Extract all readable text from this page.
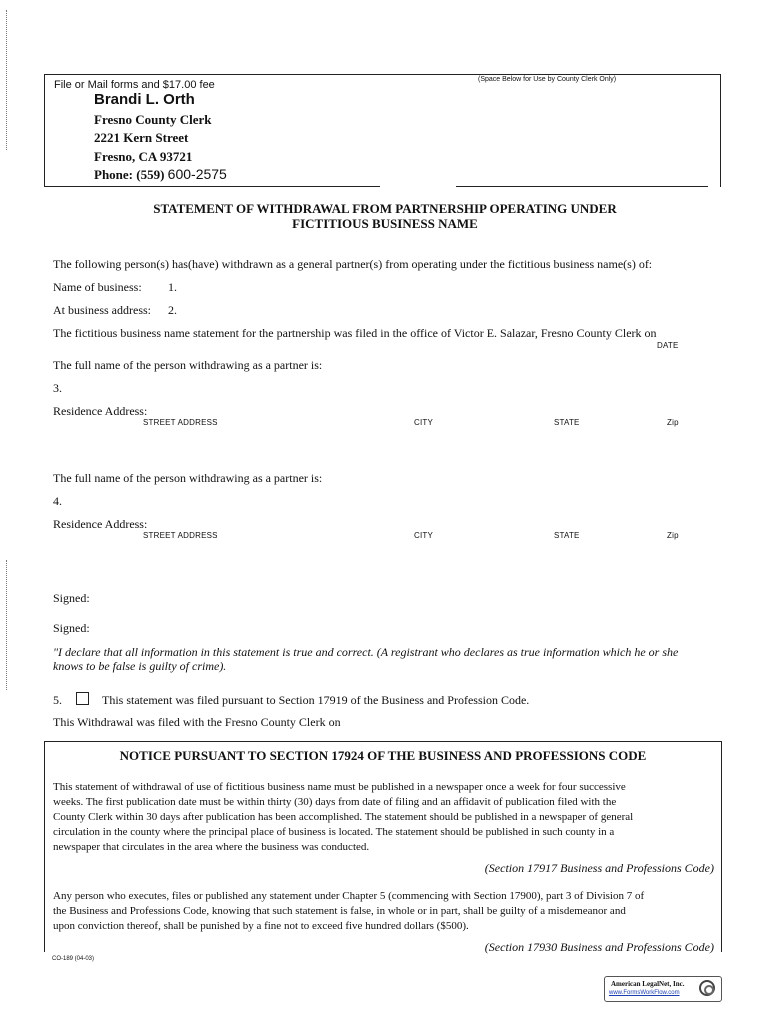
File or Mail forms and $17.00 fee	(Space Below for Use by County Clerk Only)
Brandi L. Orth
Fresno County Clerk
2221 Kern Street
Fresno, CA 93721
Phone: (559) 600-2575
STATEMENT OF WITHDRAWAL FROM PARTNERSHIP OPERATING UNDER
FICTITIOUS BUSINESS NAME
The following person(s) has(have) withdrawn as a general partner(s) from operating under the fictitious business name(s) of:
Name of business: 1.
At business address: 2.
The fictitious business name statement for the partnership was filed in the office of Victor E. Salazar, Fresno County Clerk on
DATE
The full name of the person withdrawing as a partner is:
3.
Residence Address:
STREET ADDRESS	CITY	STATE	Zip
The full name of the person withdrawing as a partner is:
4.
Residence Address:
STREET ADDRESS	CITY	STATE	Zip
Signed:
Signed:
"I declare that all information in this statement is true and correct. (A registrant who declares as true information which he or she
knows to be false is guilty of crime).
5.	This statement was filed pursuant to Section 17919 of the Business and Profession Code.
This Withdrawal was filed with the Fresno County Clerk on
NOTICE PURSUANT TO SECTION 17924 OF THE BUSINESS AND PROFESSIONS CODE
This statement of withdrawal of use of fictitious business name must be published in a newspaper once a week for four successive
weeks. The first publication date must be within thirty (30) days from date of filing and an affidavit of publication filed with the
County Clerk within 30 days after publication has been accomplished. The statement should be published in a newspaper of general
circulation in the county where the principal place of business is located. The statement should be published in such county in a
newspaper that circulates in the area where the business was conducted.
(Section 17917 Business and Professions Code)
Any person who executes, files or published any statement under Chapter 5 (commencing with Section 17900), part 3 of Division 7 of
the Business and Professions Code, knowing that such statement is false, in whole or in part, shall be guilty of a misdemeanor and
upon conviction thereof, shall be punished by a fine not to exceed five hundred dollars ($500).
(Section 17930 Business and Professions Code)
CO-189 (04-03)
American LegalNet, Inc.
www.FormsWorkFlow.com
